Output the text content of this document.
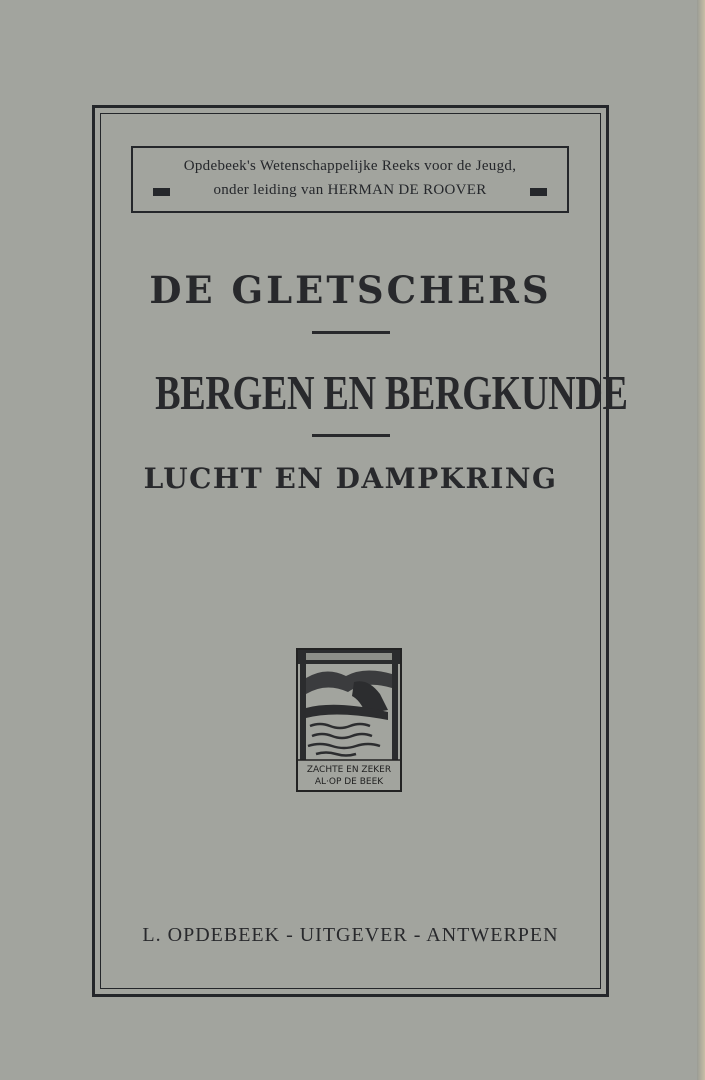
Opdebeek's Wetenschappelijke Reeks voor de Jeugd,
onder leiding van HERMAN DE ROOVER
DE GLETSCHERS
BERGEN EN BERGKUNDE
LUCHT EN DAMPKRING
ZACHTE EN ZEKER
AL·OP DE BEEK
L. OPDEBEEK - UITGEVER - ANTWERPEN
